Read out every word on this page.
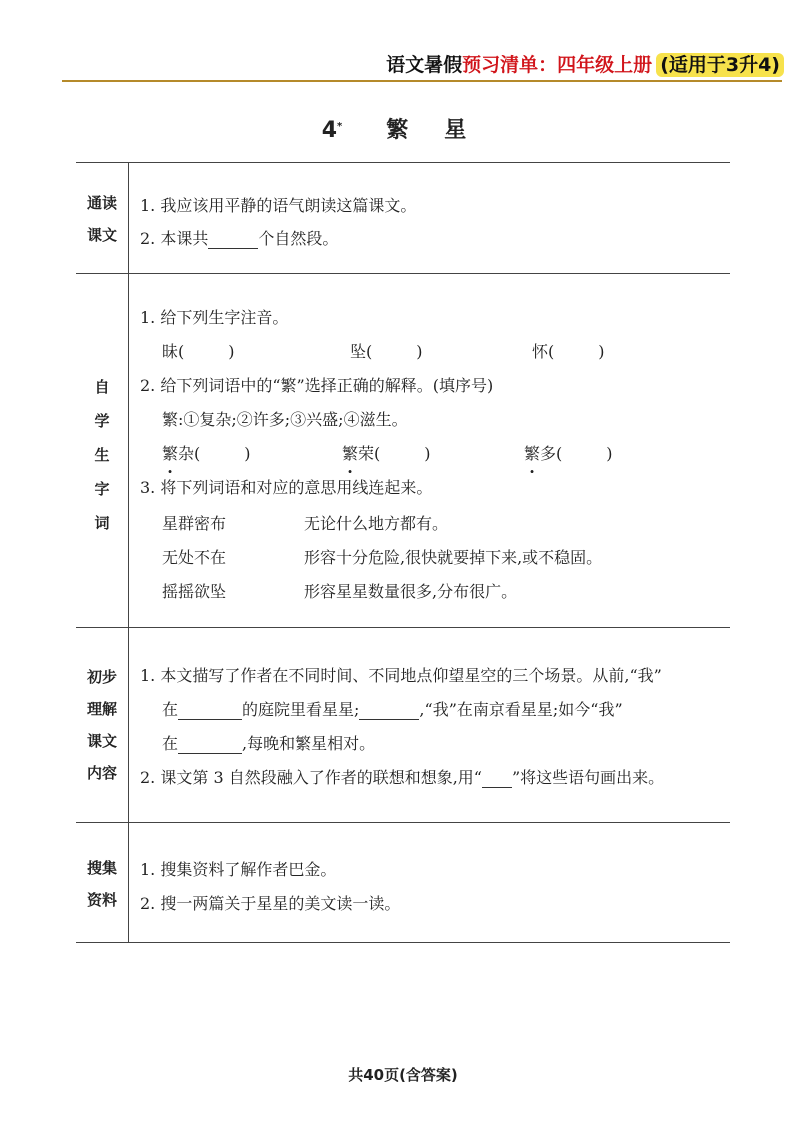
语文暑假预习清单：四年级上册 (适用于3升4)
4* 繁 星
通读
课文
1. 我应该用平静的语气朗读这篇课文。
2. 本课共	个自然段。
自
学
生
字
词
1. 给下列生字注音。
昧(	)	坠(	)	怀(	)
2. 给下列词语中的“繁”选择正确的解释。(填序号)
繁:①复杂;②许多;③兴盛;④滋生。
繁杂(	)	繁荣(	)	繁多(	)
3. 将下列词语和对应的意思用线连起来。
星群密布	无论什么地方都有。
无处不在	形容十分危险,很快就要掉下来,或不稳固。
摇摇欲坠	形容星星数量很多,分布很广。
初步
理解
课文
内容
1. 本文描写了作者在不同时间、不同地点仰望星空的三个场景。从前,“我”
在	的庭院里看星星;	,“我”在南京看星星;如今“我”
在	,每晚和繁星相对。
2. 课文第 3 自然段融入了作者的联想和想象,用“ ”将这些语句画出来。
搜集
资料
1. 搜集资料了解作者巴金。
2. 搜一两篇关于星星的美文读一读。
共40页(含答案)
